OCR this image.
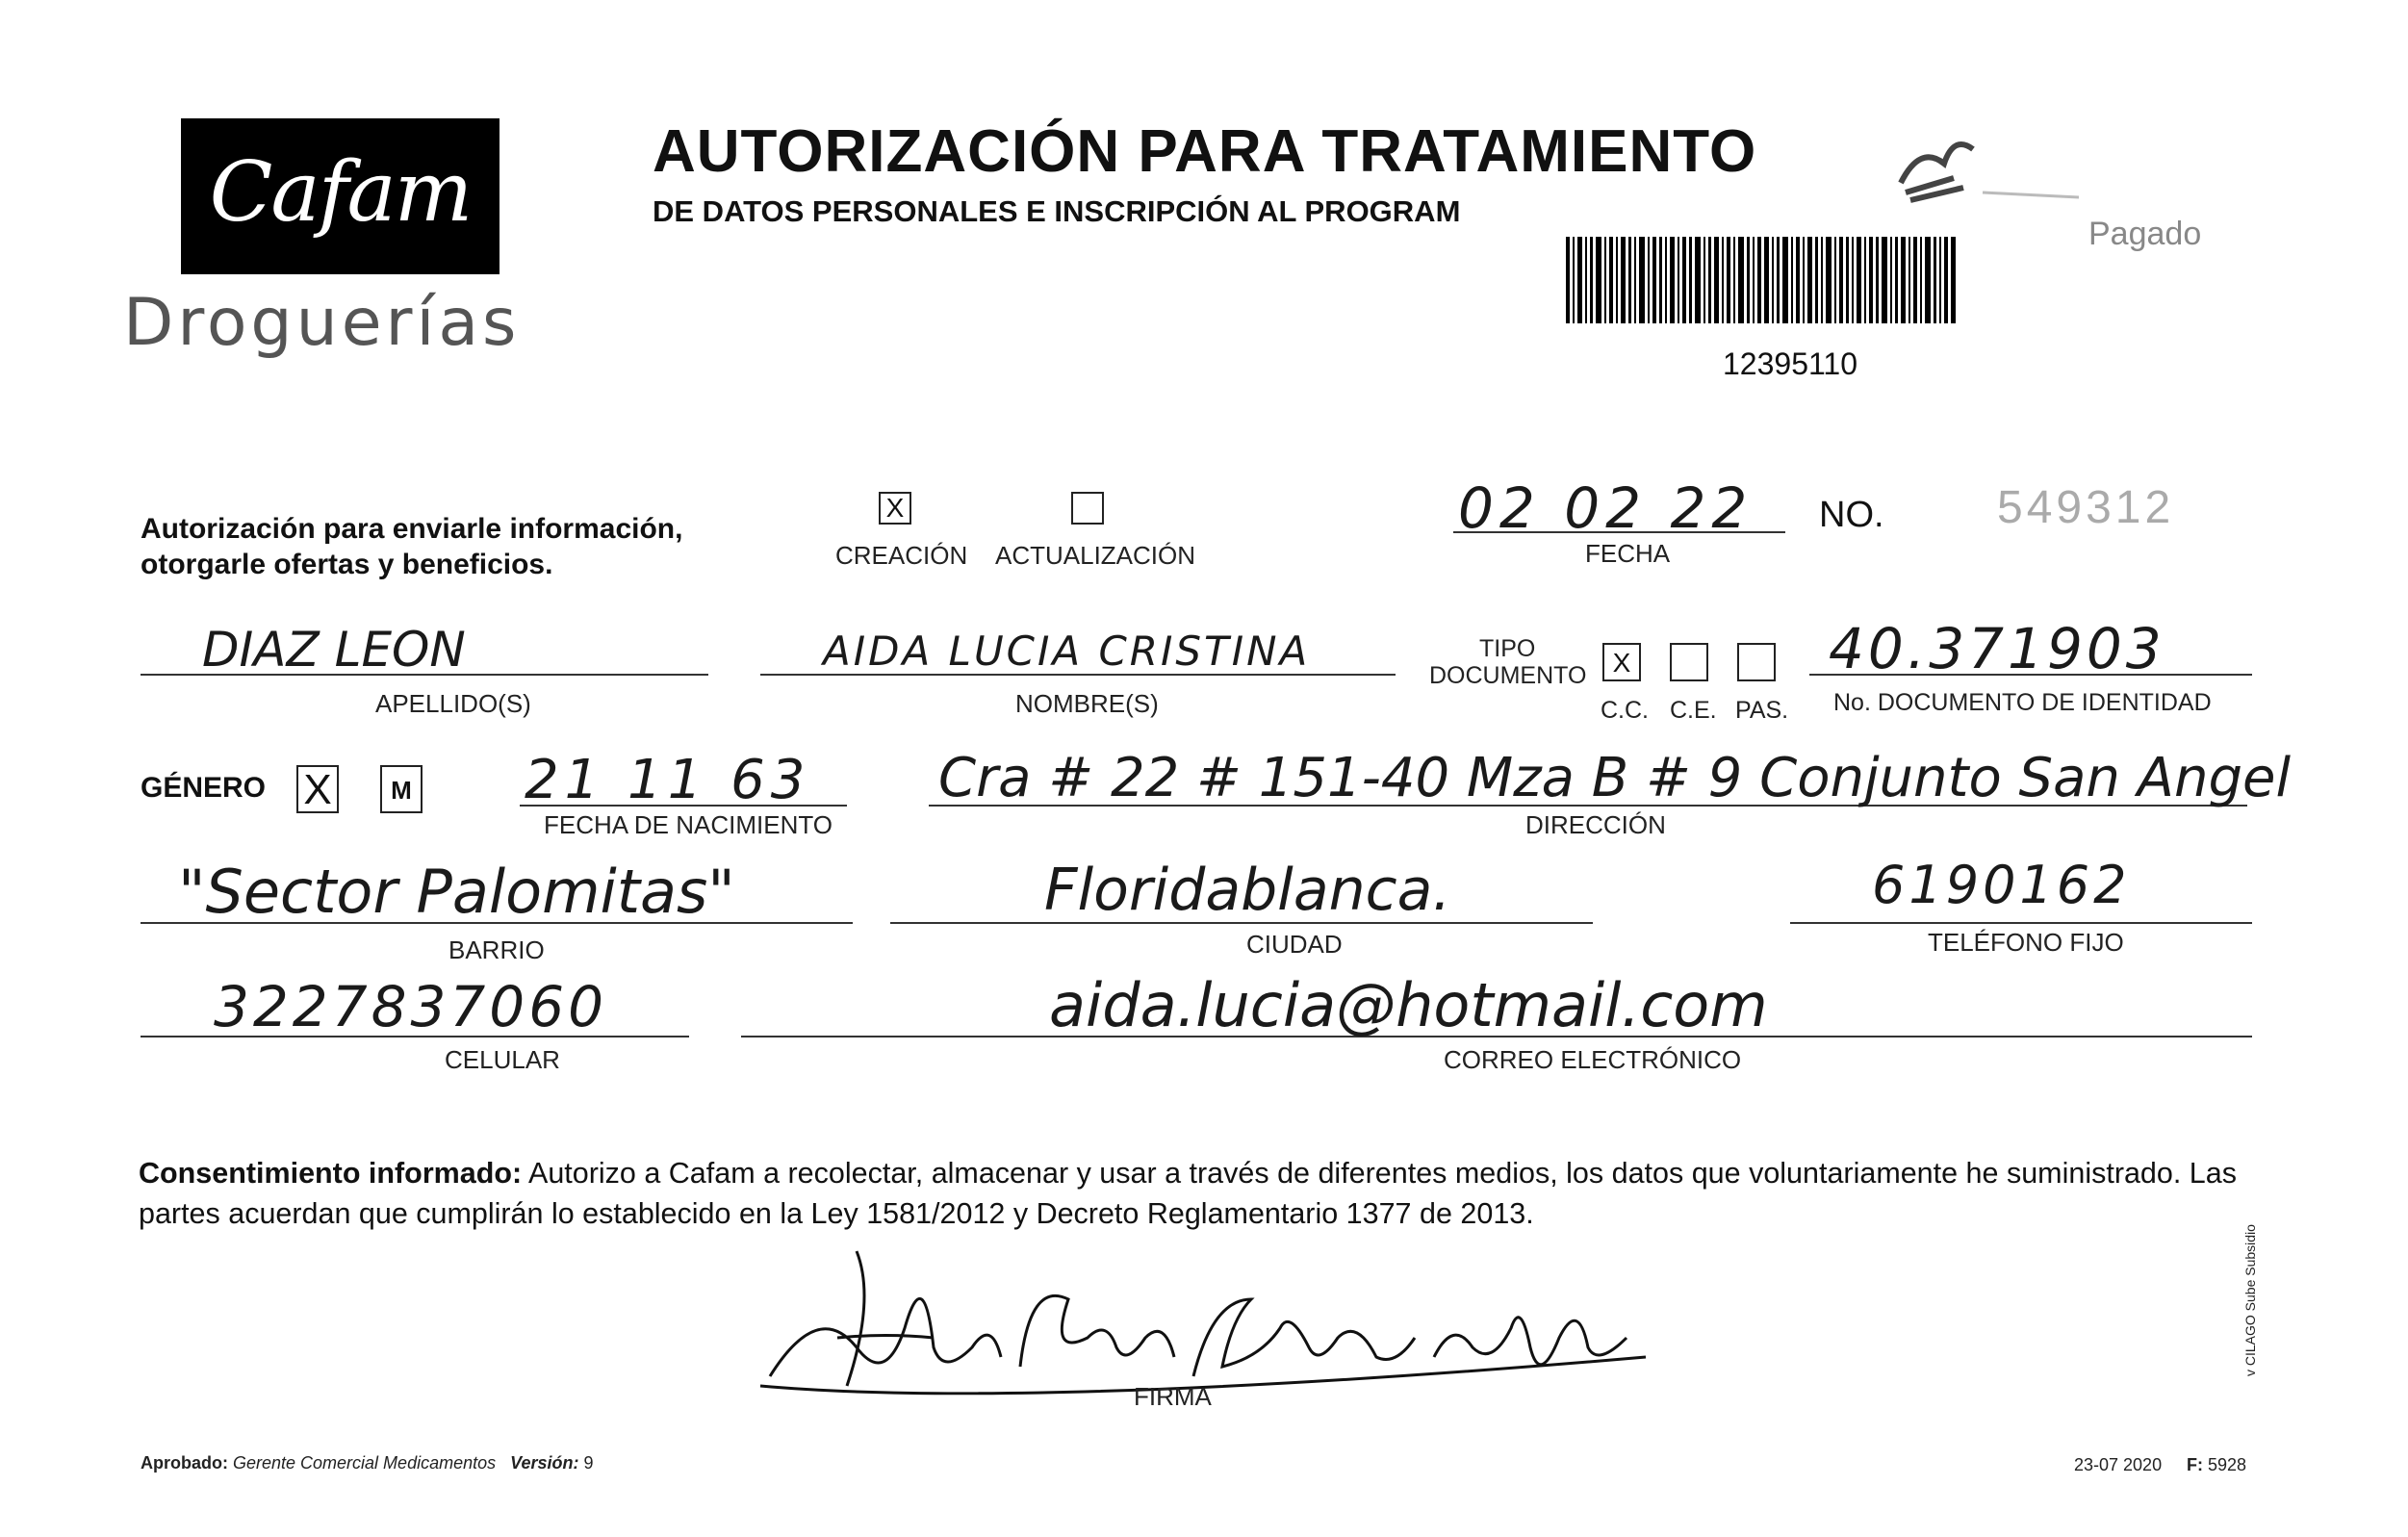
Cafam
Droguerías
AUTORIZACIÓN PARA TRATAMIENTO
DE DATOS PERSONALES E INSCRIPCIÓN AL PROGRAM
12395110
Pagado
Autorización para enviarle información,
otorgarle ofertas y beneficios.
X
CREACIÓN ACTUALIZACIÓN
02 02 22
FECHA
NO. 549312
DIAZ LEON
APELLIDO(S)
AIDA LUCIA CRISTINA
NOMBRE(S)
TIPO
DOCUMENTO X
C.C. C.E. PAS.
40.371903
No. DOCUMENTO DE IDENTIDAD
GÉNERO X	M 21 11 63
FECHA DE NACIMIENTO
Cra # 22 # 151-40 Mza B # 9 Conjunto San Angel
DIRECCIÓN
"Sector Palomitas"
BARRIO
Floridablanca.
CIUDAD
6190162
TELÉFONO FIJO
3227837060
CELULAR
aida.lucia@hotmail.com
CORREO ELECTRÓNICO
Consentimiento informado: Autorizo a Cafam a recolectar, almacenar y usar a través de diferentes medios, los datos que voluntariamente he suministrado. Las partes acuerdan que cumplirán lo establecido en la Ley 1581/2012 y Decreto Reglamentario 1377 de 2013.
FIRMA
Aprobado: Gerente Comercial Medicamentos Versión: 9	23-07 2020 F: 5928
v CILAGO Sube Subsidio
